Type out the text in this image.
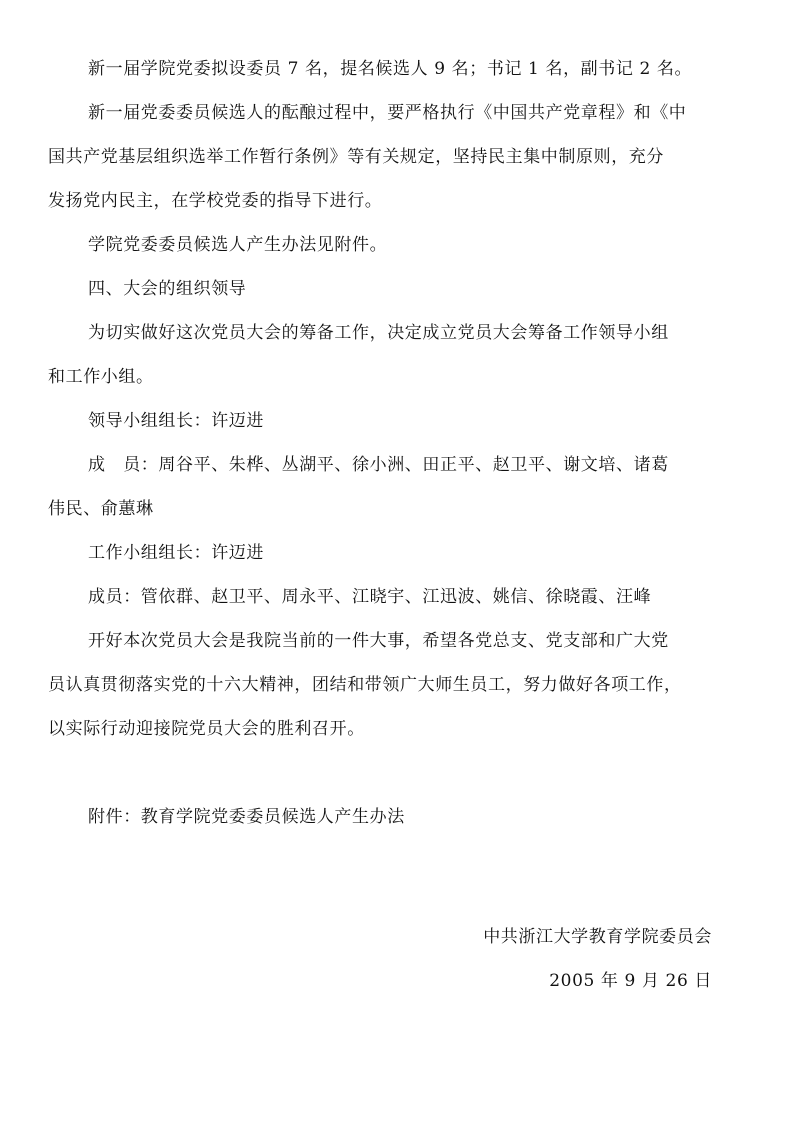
新一届学院党委拟设委员 7 名，提名候选人 9 名；书记 1 名，副书记 2 名。
新一届党委委员候选人的酝酿过程中，要严格执行《中国共产党章程》和《中
国共产党基层组织选举工作暂行条例》等有关规定，坚持民主集中制原则，充分
发扬党内民主，在学校党委的指导下进行。
学院党委委员候选人产生办法见附件。
四、大会的组织领导
为切实做好这次党员大会的筹备工作，决定成立党员大会筹备工作领导小组
和工作小组。
领导小组组长：许迈进
成　员：周谷平、朱桦、丛湖平、徐小洲、田正平、赵卫平、谢文培、诸葛
伟民、俞蕙琳
工作小组组长：许迈进
成员：管依群、赵卫平、周永平、江晓宇、江迅波、姚信、徐晓霞、汪峰
开好本次党员大会是我院当前的一件大事，希望各党总支、党支部和广大党
员认真贯彻落实党的十六大精神，团结和带领广大师生员工，努力做好各项工作，
以实际行动迎接院党员大会的胜利召开。
附件：教育学院党委委员候选人产生办法
中共浙江大学教育学院委员会
2005 年 9 月 26 日
